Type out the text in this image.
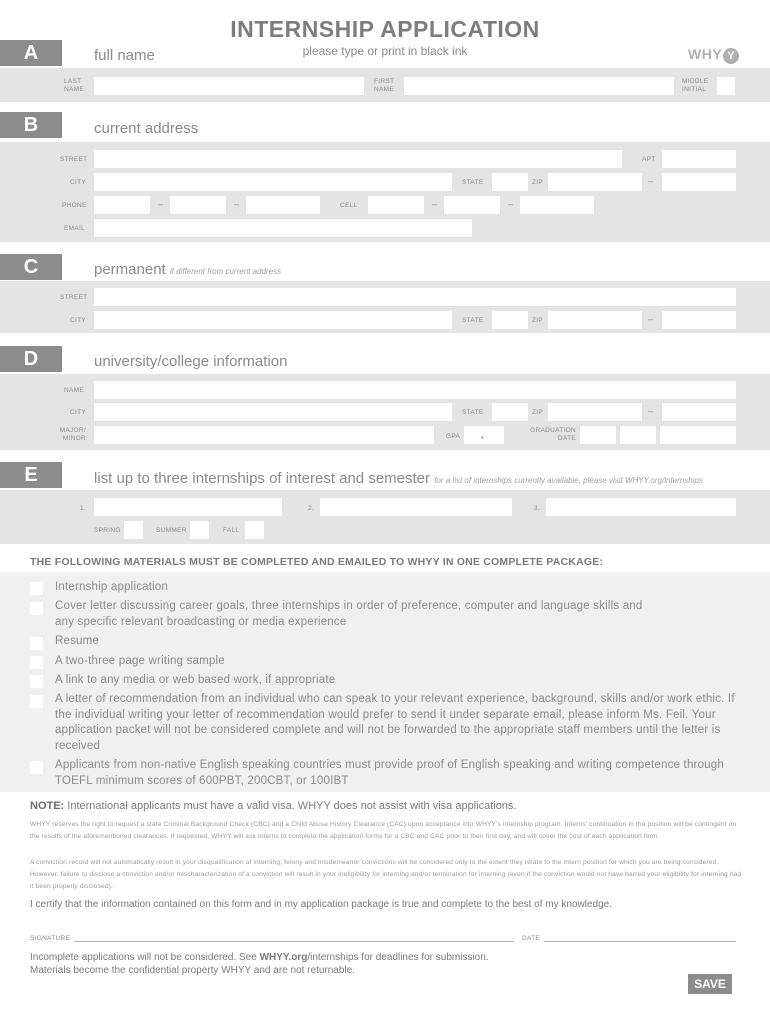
INTERNSHIP APPLICATION
please type or print in black ink	WHY Y
A	full name
LAST
NAME
FIRST
NAME
MIDDLE
INITIAL
B	current address
STREET	APT
CITY	STATE	ZIP	–
PHONE	–	–	CELL	–	–
EMAIL
C	permanent if different from current address
STREET
CITY	STATE	ZIP	–
D	university/college information
NAME
CITY	STATE	ZIP	–
MAJOR/
MINOR	GPA	•
GRADUATION
DATE
E	list up to three internships of interest and semester for a list of internships currently available, please visit WHYY.org/internships
1.	2.	3.
SPRING	SUMMER	FALL
THE FOLLOWING MATERIALS MUST BE COMPLETED AND EMAILED TO WHYY IN ONE COMPLETE PACKAGE:
Internship application
Cover letter discussing career goals, three internships in order of preference, computer and language skills and any specific relevant broadcasting or media experience
Resume
A two-three page writing sample
A link to any media or web based work, if appropriate
A letter of recommendation from an individual who can speak to your relevant experience, background, skills and/or work ethic. If the individual writing your letter of recommendation would prefer to send it under separate email, please inform Ms. Feil. Your application packet will not be considered complete and will not be forwarded to the appropriate staff members until the letter is received
Applicants from non-native English speaking countries must provide proof of English speaking and writing competence through TOEFL minimum scores of 600PBT, 200CBT, or 100IBT
NOTE: International applicants must have a valid visa. WHYY does not assist with visa applications.
WHYY reserves the right to request a state Criminal Background Check (CBC) and a Child Abuse History Clearance (CAC) upon acceptance into WHYY's internship program. Interns' continuation in the position will be contingent on the results of the aforementioned clearances. If requested, WHYY will ask interns to complete the application forms for a CBC and CAC prior to their first day, and will cover the cost of each application form.
A conviction record will not automatically result in your disqualification of interning; felony and misdemeanor convictions will be considered only to the extent they relate to the intern position for which you are being considered. However, failure to disclose a conviction and/or mischaracterization of a conviction will result in your ineligibility for interning and/or termination for interning (even if the conviction would not have barred your eligibility for interning had it been properly disclosed).
I certify that the information contained on this form and in my application package is true and complete to the best of my knowledge.
SIGNATURE	DATE
Incomplete applications will not be considered. See WHYY.org/internships for deadlines for submission.
Materials become the confidential property WHYY and are not returnable.
SAVE
